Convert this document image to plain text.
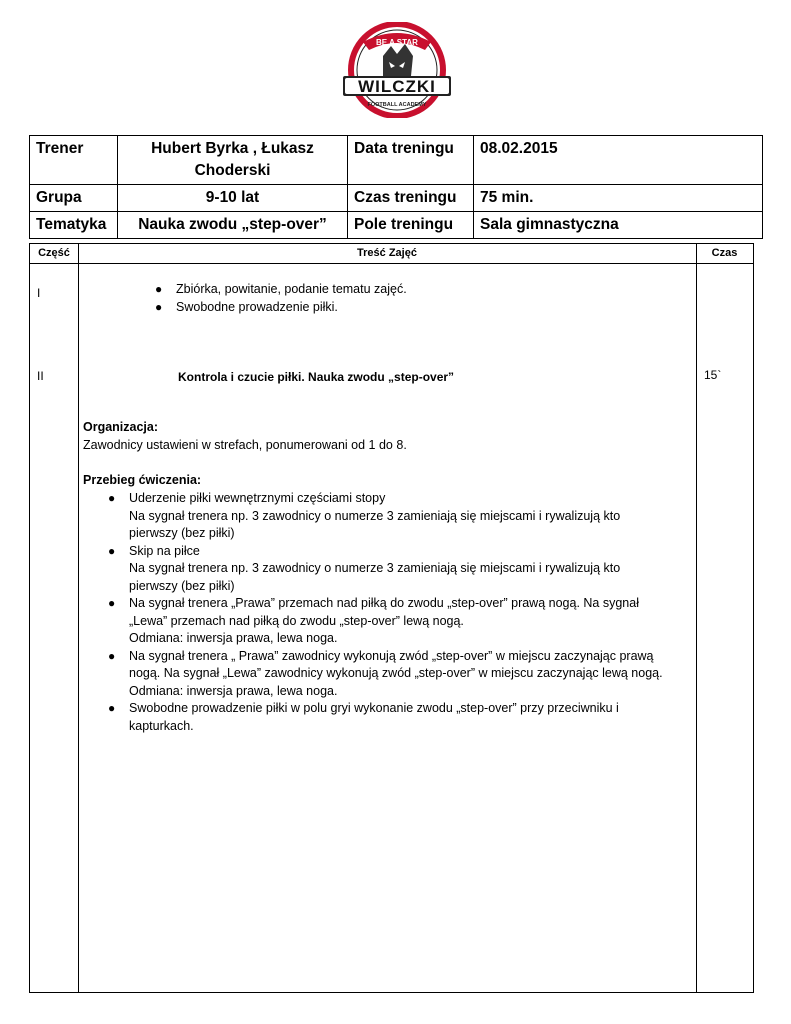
BE A STAR
WILCZKI
FOOTBALL ACADEMY
Trener	Hubert Byrka , Łukasz Choderski	Data treningu	08.02.2015
Grupa	9-10 lat	Czas treningu	75 min.
Tematyka	Nauka zwodu „step-over”	Pole treningu	Sala gimnastyczna
Część	Treść Zajęć	Czas
I	● Zbiórka, powitanie, podanie tematu zajęć.
● Swobodne prowadzenie piłki.
II	Kontrola i czucie piłki. Nauka zwodu „step-over”	15`
Organizacja:
Zawodnicy ustawieni w strefach, ponumerowani od 1 do 8.
Przebieg ćwiczenia:
● Uderzenie piłki wewnętrznymi częściami stopy
Na sygnał trenera np. 3 zawodnicy o numerze 3 zamieniają się miejscami i rywalizują kto
pierwszy (bez piłki)
● Skip na piłce
Na sygnał trenera np. 3 zawodnicy o numerze 3 zamieniają się miejscami i rywalizują kto
pierwszy (bez piłki)
● Na sygnał trenera „Prawa” przemach nad piłką do zwodu „step-over” prawą nogą. Na sygnał
„Lewa” przemach nad piłką do zwodu „step-over” lewą nogą.
Odmiana: inwersja prawa, lewa noga.
● Na sygnał trenera „ Prawa” zawodnicy wykonują zwód „step-over” w miejscu zaczynając prawą
nogą. Na sygnał „Lewa” zawodnicy wykonują zwód „step-over” w miejscu zaczynając lewą nogą.
Odmiana: inwersja prawa, lewa noga.
● Swobodne prowadzenie piłki w polu gryi wykonanie zwodu „step-over” przy przeciwniku i
kapturkach.
